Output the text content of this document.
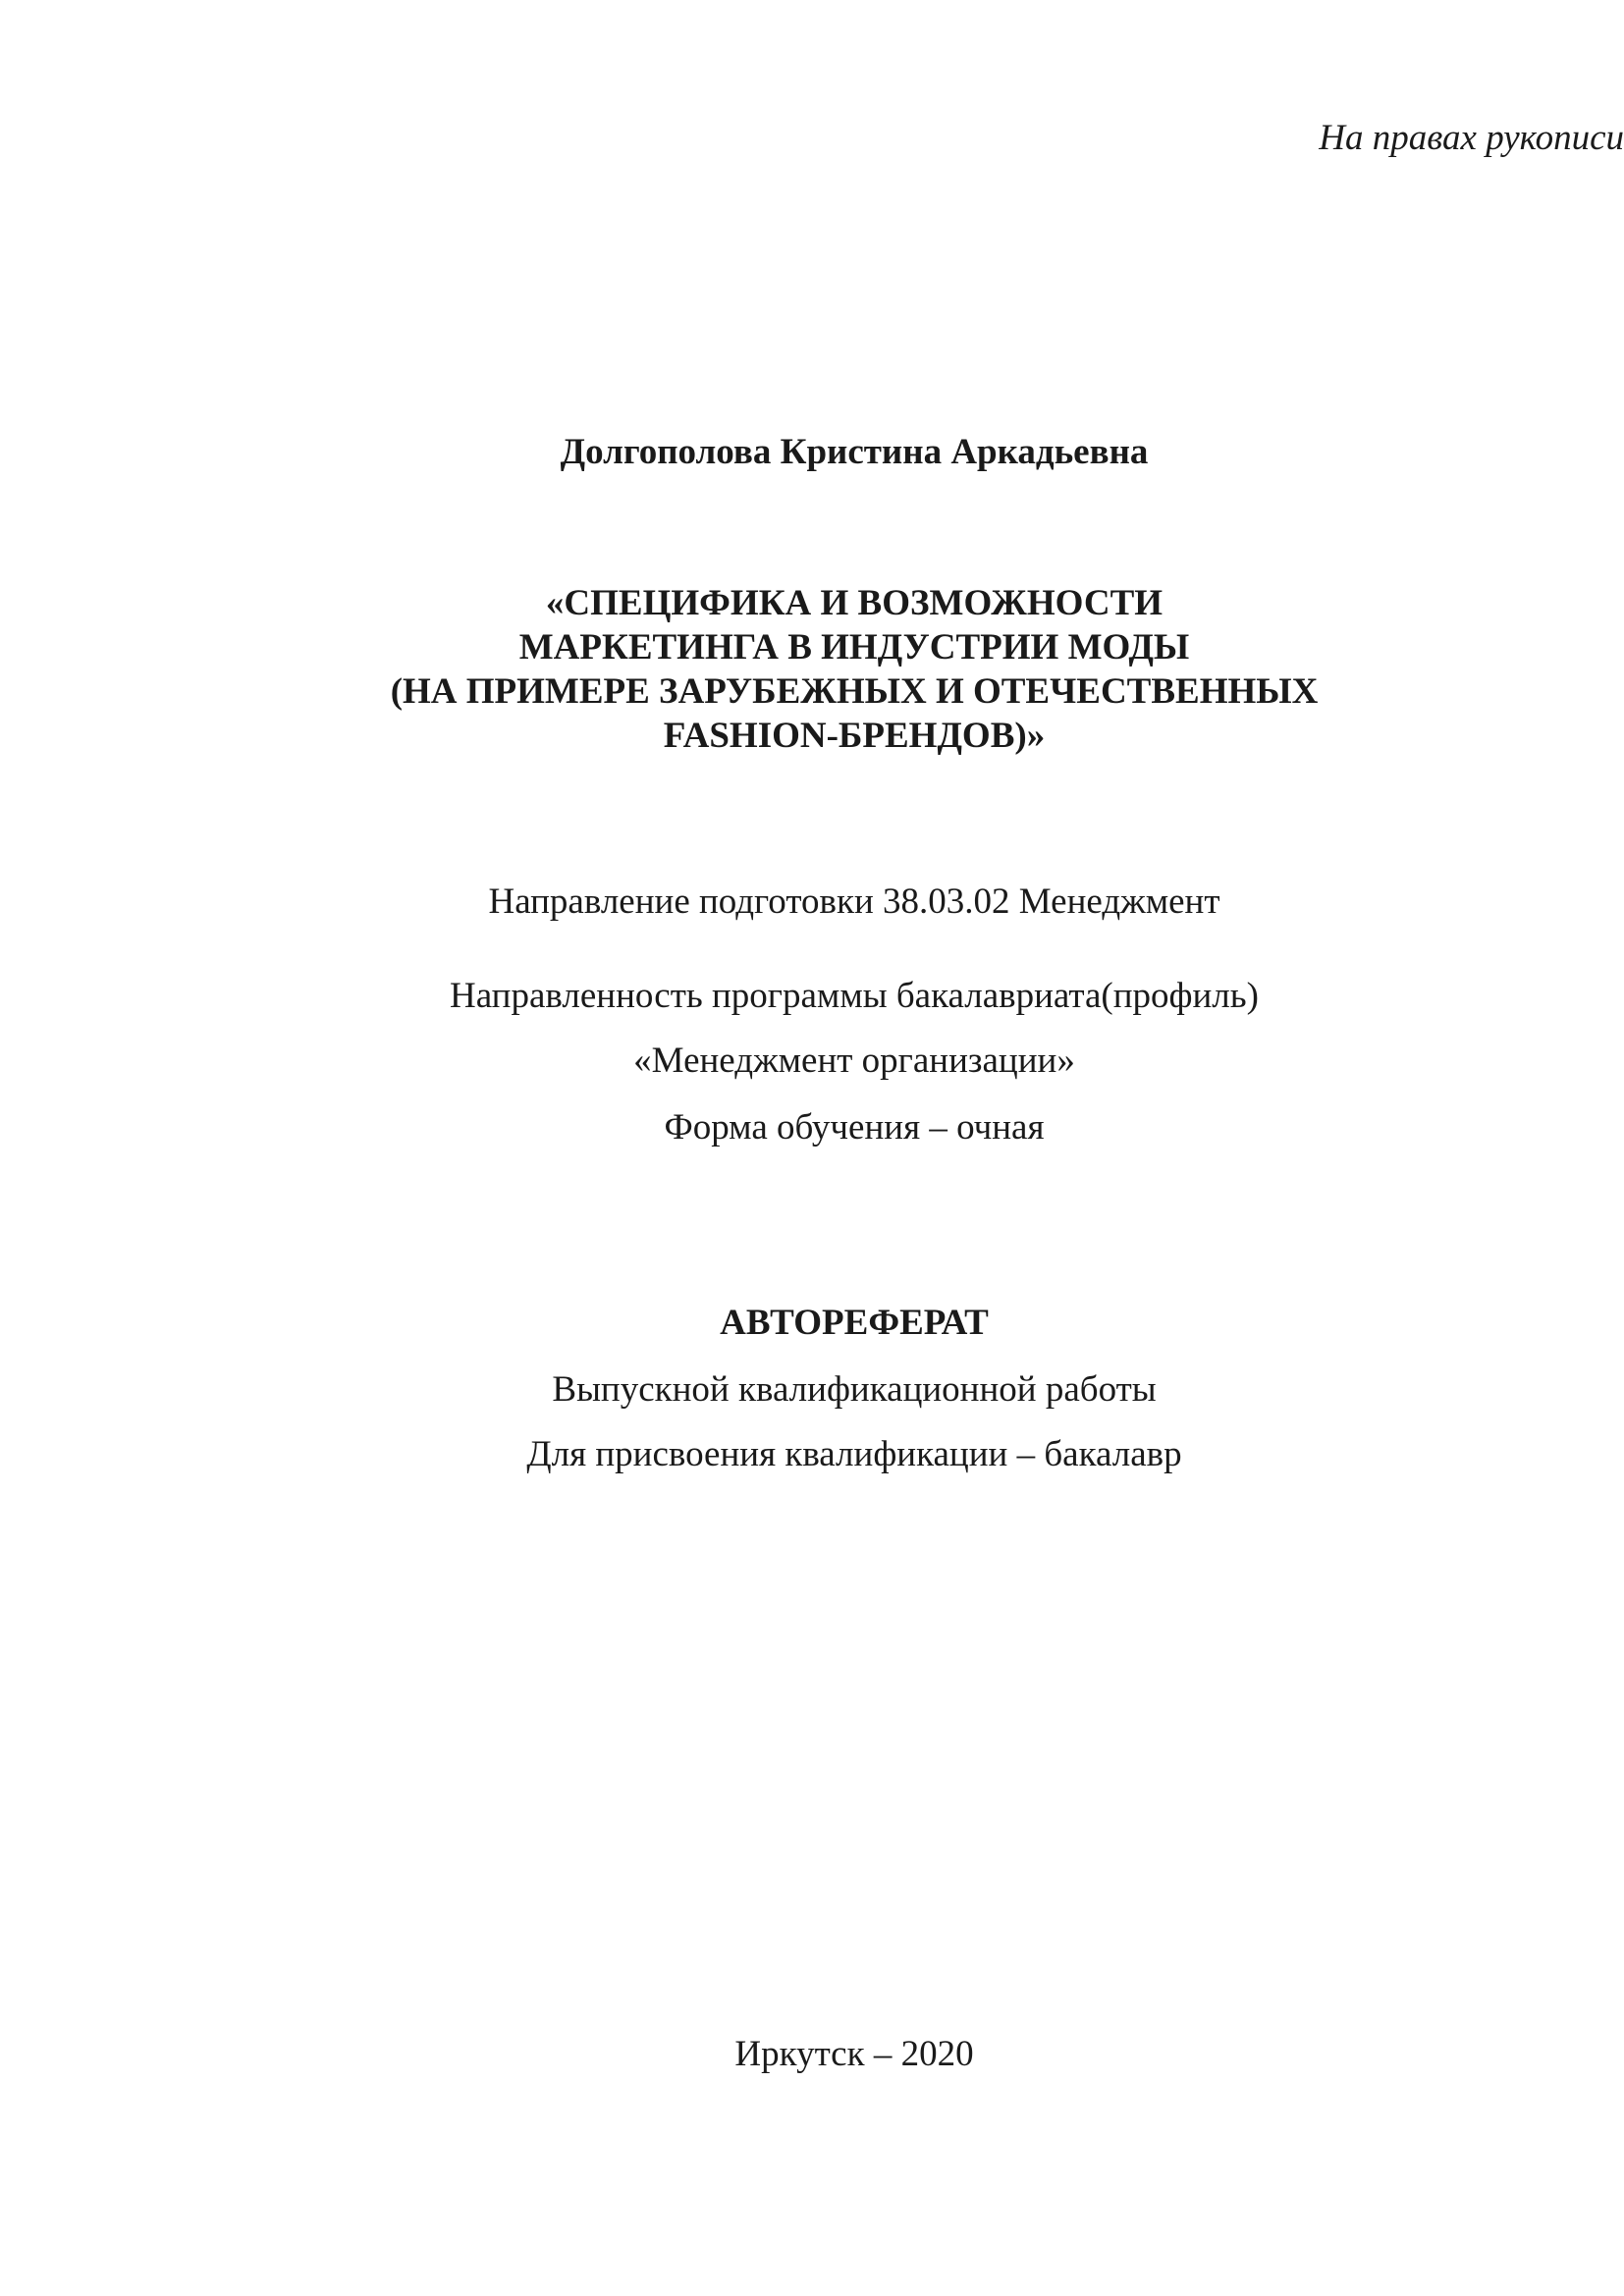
На правах рукописи
Долгополова Кристина Аркадьевна
«СПЕЦИФИКА И ВОЗМОЖНОСТИ
МАРКЕТИНГА В ИНДУСТРИИ МОДЫ
(НА ПРИМЕРЕ ЗАРУБЕЖНЫХ И ОТЕЧЕСТВЕННЫХ
FASHION-БРЕНДОВ)»
Направление подготовки 38.03.02 Менеджмент
Направленность программы бакалавриата(профиль)
«Менеджмент организации»
Форма обучения – очная
АВТОРЕФЕРАТ
Выпускной квалификационной работы
Для присвоения квалификации – бакалавр
Иркутск – 2020
